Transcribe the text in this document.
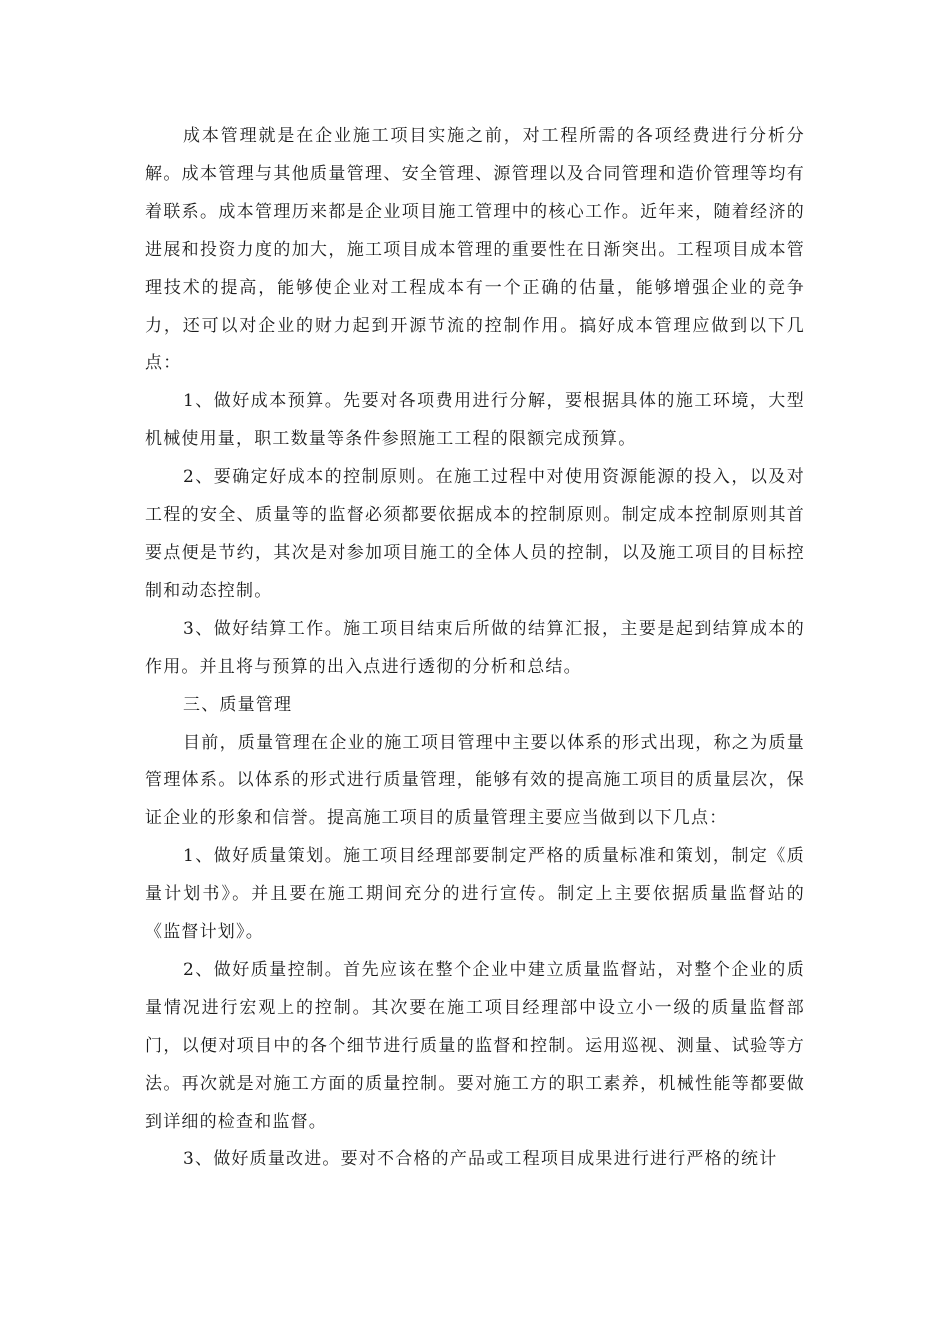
成本管理就是在企业施工项目实施之前，对工程所需的各项经费进行分析分解。成本管理与其他质量管理、安全管理、源管理以及合同管理和造价管理等均有着联系。成本管理历来都是企业项目施工管理中的核心工作。近年来，随着经济的进展和投资力度的加大，施工项目成本管理的重要性在日渐突出。工程项目成本管理技术的提高，能够使企业对工程成本有一个正确的估量，能够增强企业的竞争力，还可以对企业的财力起到开源节流的控制作用。搞好成本管理应做到以下几点：

1、做好成本预算。先要对各项费用进行分解，要根据具体的施工环境，大型机械使用量，职工数量等条件参照施工工程的限额完成预算。

2、要确定好成本的控制原则。在施工过程中对使用资源能源的投入，以及对工程的安全、质量等的监督必须都要依据成本的控制原则。制定成本控制原则其首要点便是节约，其次是对参加项目施工的全体人员的控制，以及施工项目的目标控制和动态控制。

3、做好结算工作。施工项目结束后所做的结算汇报，主要是起到结算成本的作用。并且将与预算的出入点进行透彻的分析和总结。

三、质量管理

目前，质量管理在企业的施工项目管理中主要以体系的形式出现，称之为质量管理体系。以体系的形式进行质量管理，能够有效的提高施工项目的质量层次，保证企业的形象和信誉。提高施工项目的质量管理主要应当做到以下几点：

1、做好质量策划。施工项目经理部要制定严格的质量标准和策划，制定《质量计划书》。并且要在施工期间充分的进行宣传。制定上主要依据质量监督站的《监督计划》。

2、做好质量控制。首先应该在整个企业中建立质量监督站，对整个企业的质量情况进行宏观上的控制。其次要在施工项目经理部中设立小一级的质量监督部门，以便对项目中的各个细节进行质量的监督和控制。运用巡视、测量、试验等方法。再次就是对施工方面的质量控制。要对施工方的职工素养，机械性能等都要做到详细的检查和监督。

3、做好质量改进。要对不合格的产品或工程项目成果进行进行严格的统计
